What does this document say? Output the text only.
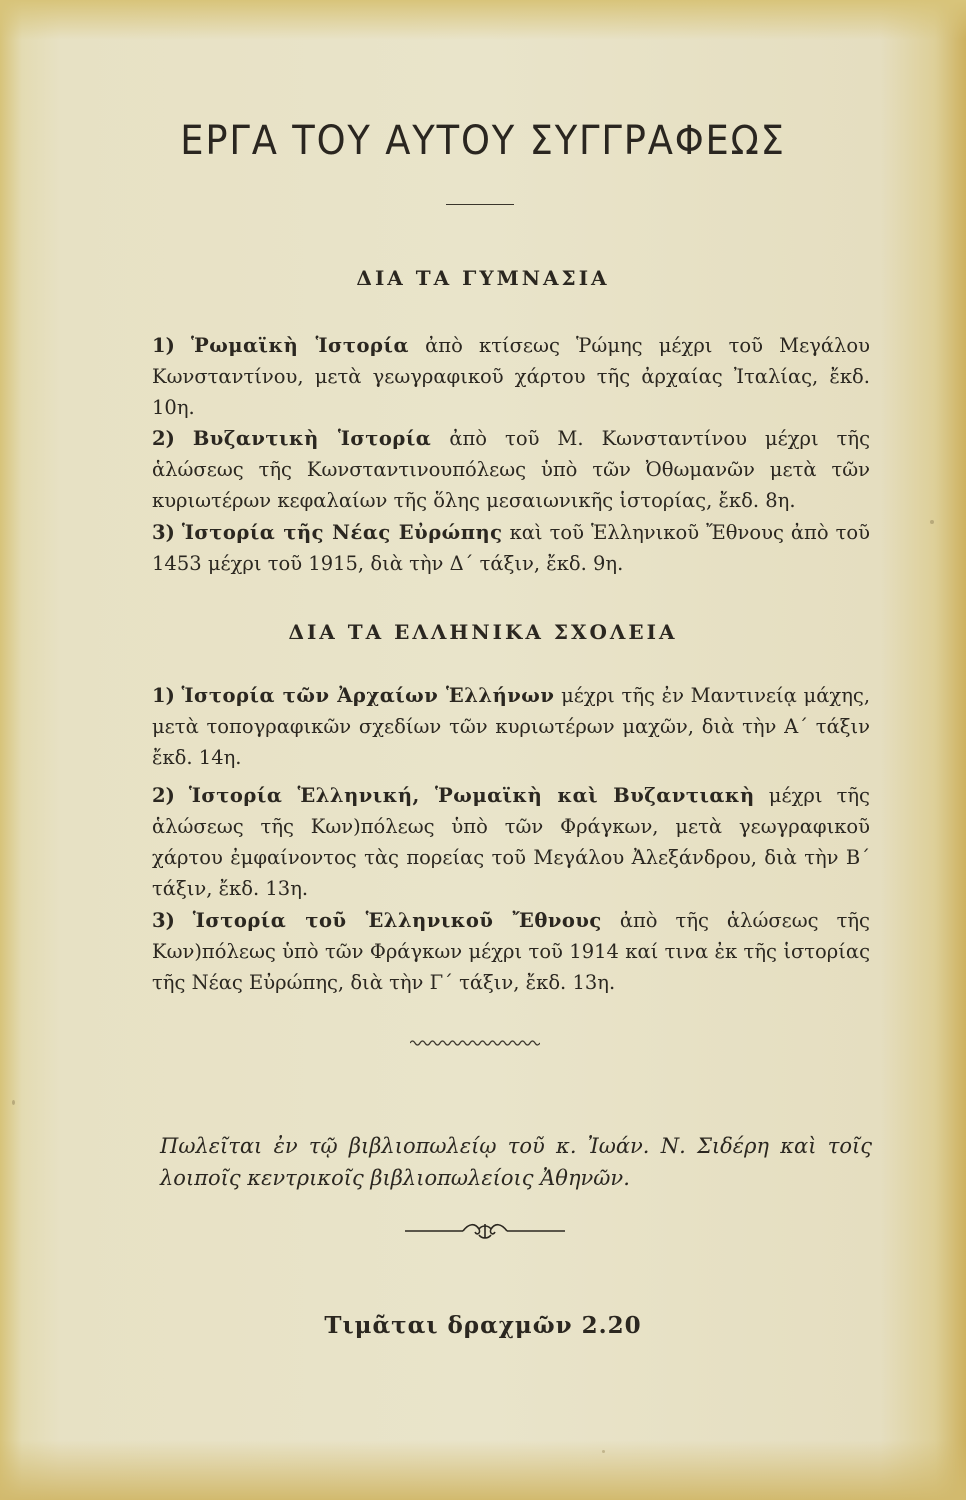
ΕΡΓΑ ΤΟΥ ΑΥΤΟΥ ΣΥΓΓΡΑΦΕΩΣ
ΔΙΑ ΤΑ ΓΥΜΝΑΣΙΑ
1) Ῥωμαϊκὴ Ἱστορία ἀπὸ κτίσεως Ῥώμης μέχρι τοῦ Μεγάλου Κωνσταντίνου, μετὰ γεωγραφικοῦ χάρτου τῆς ἀρχαίας Ἰταλίας, ἔκδ. 10η.
2) Βυζαντικὴ Ἱστορία ἀπὸ τοῦ Μ. Κωνσταντίνου μέχρι τῆς ἁλώσεως τῆς Κωνσταντινουπόλεως ὑπὸ τῶν Ὀθωμανῶν μετὰ τῶν κυριωτέρων κεφαλαίων τῆς ὅλης μεσαιωνικῆς ἱστορίας, ἔκδ. 8η.
3) Ἱστορία τῆς Νέας Εὐρώπης καὶ τοῦ Ἑλληνικοῦ Ἔθνους ἀπὸ τοῦ 1453 μέχρι τοῦ 1915, διὰ τὴν Δ΄ τάξιν, ἔκδ. 9η.
ΔΙΑ ΤΑ ΕΛΛΗΝΙΚΑ ΣΧΟΛΕΙΑ
1) Ἱστορία τῶν Ἀρχαίων Ἑλλήνων μέχρι τῆς ἐν Μαντινείᾳ μάχης, μετὰ τοπογραφικῶν σχεδίων τῶν κυριωτέρων μαχῶν, διὰ τὴν Α΄ τάξιν ἔκδ. 14η.
2) Ἱστορία Ἑλληνική, Ῥωμαϊκὴ καὶ Βυζαντιακὴ μέχρι τῆς ἁλώσεως τῆς Κων)πόλεως ὑπὸ τῶν Φράγκων, μετὰ γεωγραφικοῦ χάρτου ἐμφαίνοντος τὰς πορείας τοῦ Μεγάλου Ἀλεξάνδρου, διὰ τὴν Β΄ τάξιν, ἔκδ. 13η.
3) Ἱστορία τοῦ Ἑλληνικοῦ Ἔθνους ἀπὸ τῆς ἁλώσεως τῆς Κων)πόλεως ὑπὸ τῶν Φράγκων μέχρι τοῦ 1914 καί τινα ἐκ τῆς ἱστορίας τῆς Νέας Εὐρώπης, διὰ τὴν Γ΄ τάξιν, ἔκδ. 13η.
Πωλεῖται ἐν τῷ βιβλιοπωλείῳ τοῦ κ. Ἰωάν. Ν. Σιδέρη καὶ τοῖς λοιποῖς κεντρικοῖς βιβλιοπωλείοις Ἀθηνῶν.
Τιμᾶται δραχμῶν 2.20
